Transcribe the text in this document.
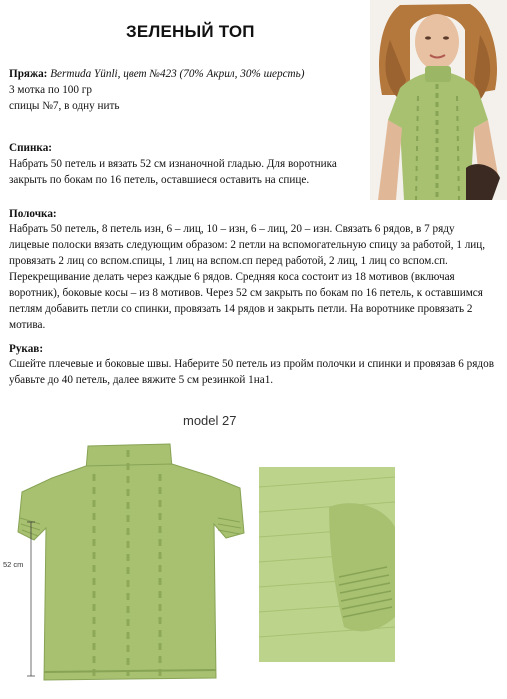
ЗЕЛЕНЫЙ ТОП
Пряжа: Bermuda Yünli, цвет №423 (70% Акрил, 30% шерсть)
3 мотка по 100 гр
спицы №7, в одну нить
Спинка:
Набрать 50 петель и вязать 52 см изнаночной гладью. Для воротника закрыть по бокам по 16 петель, оставшиеся оставить на спице.
Полочка:
Набрать 50 петель, 8 петель изн, 6 – лиц, 10 – изн, 6 – лиц, 20 – изн. Связать 6 рядов, в 7 ряду лицевые полоски вязать следующим образом: 2 петли на вспомогательную спицу за работой, 1 лиц, провязать 2 лиц со вспом.спицы, 1 лиц на вспом.сп перед работой, 2 лиц, 1 лиц со вспом.сп. Перекрещивание делать через каждые 6 рядов. Средняя коса состоит из 18 мотивов (включая воротник), боковые косы – из 8 мотивов. Через 52 см закрыть по бокам по 16 петель, к оставшимся петлям добавить петли со спинки, провязать 14 рядов и закрыть петли. На воротнике провязать 2 мотива.
Рукав:
Сшейте плечевые и боковые швы. Наберите 50 петель из пройм полочки и спинки и провязав 6 рядов убавьте до 40 петель, далее вяжите 5 см резинкой 1на1.
52 cm
model 27
